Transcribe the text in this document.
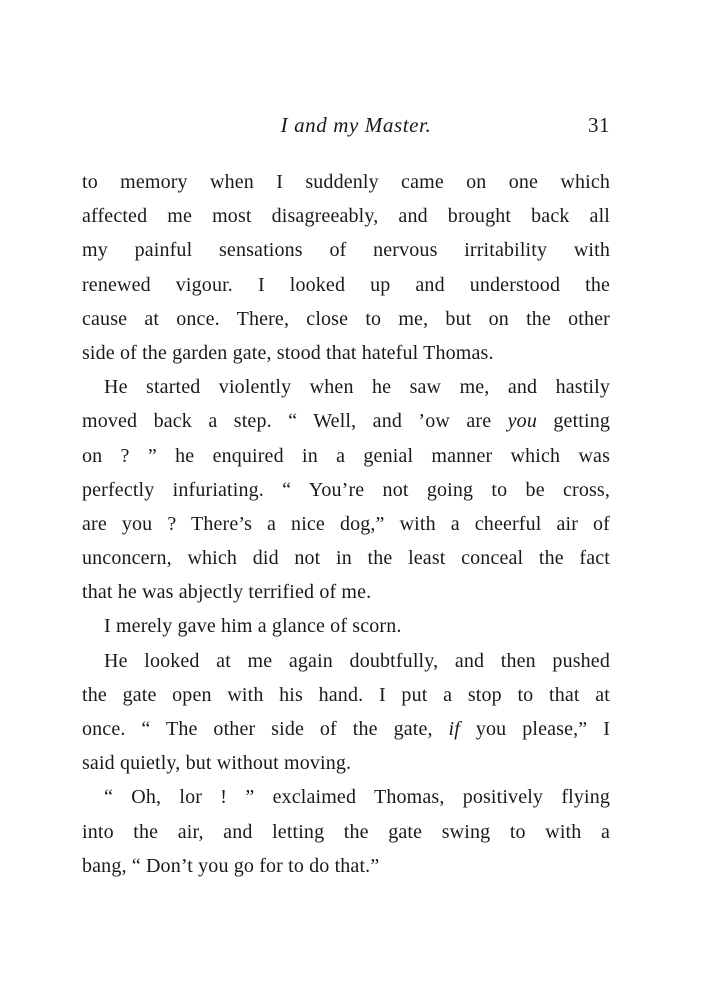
I and my Master.	31
to memory when I suddenly came on one which
affected me most disagreeably, and brought back all
my painful sensations of nervous irritability with
renewed vigour. I looked up and understood the
cause at once. There, close to me, but on the other
side of the garden gate, stood that hateful Thomas.
He started violently when he saw me, and hastily
moved back a step. “ Well, and ’ow are you getting
on ? ” he enquired in a genial manner which was
perfectly infuriating. “ You’re not going to be cross,
are you ? There’s a nice dog,” with a cheerful air of
unconcern, which did not in the least conceal the fact
that he was abjectly terrified of me.
I merely gave him a glance of scorn.
He looked at me again doubtfully, and then pushed
the gate open with his hand. I put a stop to that at
once. “ The other side of the gate, if you please,” I
said quietly, but without moving.
“ Oh, lor ! ” exclaimed Thomas, positively flying
into the air, and letting the gate swing to with a
bang, “ Don’t you go for to do that.”
